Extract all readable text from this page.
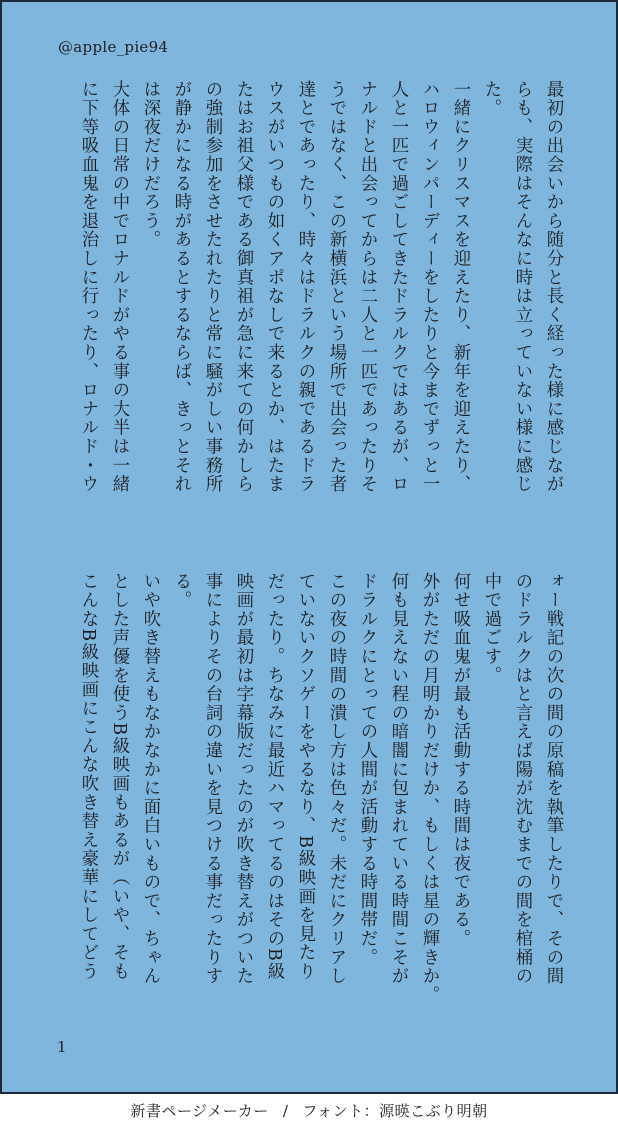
@apple_pie94
最初の出会いから随分と長く経った様に感じなが
らも、実際はそんなに時は立っていない様に感じ
た。
一緒にクリスマスを迎えたり、新年を迎えたり、
ハロウィンパーディーをしたりと今までずっと一
人と一匹で過ごしてきたドラルクではあるが、ロ
ナルドと出会ってからは二人と一匹であったりそ
うではなく、この新横浜という場所で出会った者
達とであったり、時々はドラルクの親であるドラ
ウスがいつもの如くアポなしで来るとか、はたま
たはお祖父様である御真祖が急に来ての何かしら
の強制参加をさせたれたりと常に騒がしい事務所
が静かになる時があるとするならば、きっとそれ
は深夜だけだろう。
大体の日常の中でロナルドがやる事の大半は一緒
に下等吸血鬼を退治しに行ったり、ロナルド・ウ
ォー戦記の次の間の原稿を執筆したりで、その間
のドラルクはと言えば陽が沈むまでの間を棺桶の
中で過ごす。
何せ吸血鬼が最も活動する時間は夜である。
外がただの月明かりだけか、もしくは星の輝きか。
何も見えない程の暗闇に包まれている時間こそが
ドラルクにとっての人間が活動する時間帯だ。
この夜の時間の潰し方は色々だ。未だにクリアし
ていないクソゲーをやるなり、B級映画を見たり
だったり。ちなみに最近ハマってるのはそのB級
映画が最初は字幕版だったのが吹き替えがついた
事によりその台詞の違いを見つける事だったりす
る。
いや吹き替えもなかなかに面白いもので、ちゃん
とした声優を使うB級映画もあるが（いや、そも
こんなB級映画にこんな吹き替え豪華にしてどう
1
新書ページメーカー / フォント：源暎こぶり明朝
